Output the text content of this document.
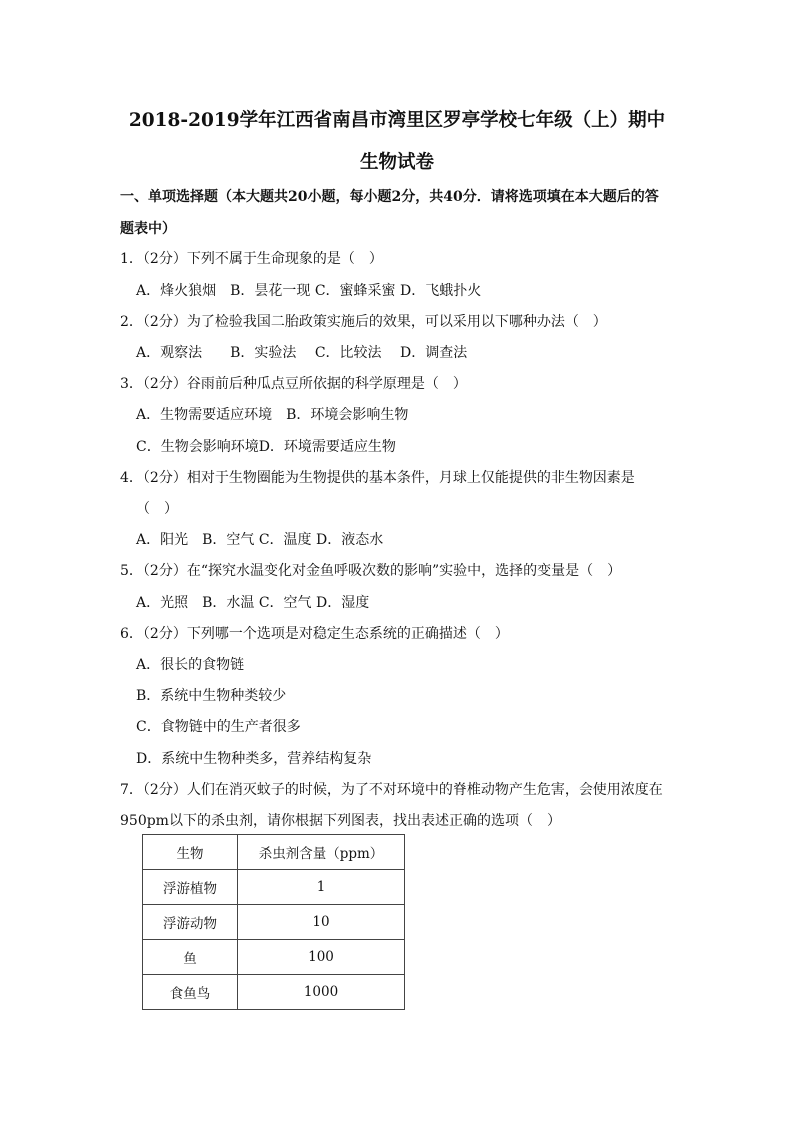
2018-2019学年江西省南昌市湾里区罗亭学校七年级（上）期中
生物试卷
一、单项选择题（本大题共20小题，每小题2分，共40分．请将选项填在本大题后的答
题表中）
1．（2分）下列不属于生命现象的是（　）
A．烽火狼烟　B．昙花一现 C．蜜蜂采蜜 D．飞蛾扑火
2．（2分）为了检验我国二胎政策实施后的效果，可以采用以下哪种办法（　）
A．观察法　　B．实验法　 C．比较法　 D．调查法
3．（2分）谷雨前后种瓜点豆所依据的科学原理是（　）
A．生物需要适应环境　B．环境会影响生物
C．生物会影响环境D．环境需要适应生物
4．（2分）相对于生物圈能为生物提供的基本条件，月球上仅能提供的非生物因素是
（　）
A．阳光　B．空气 C．温度 D．液态水
5．（2分）在“探究水温变化对金鱼呼吸次数的影响”实验中，选择的变量是（　）
A．光照　B．水温 C．空气 D．湿度
6．（2分）下列哪一个选项是对稳定生态系统的正确描述（　）
A．很长的食物链
B．系统中生物种类较少
C．食物链中的生产者很多
D．系统中生物种类多，营养结构复杂
7．（2分）人们在消灭蚊子的时候，为了不对环境中的脊椎动物产生危害，会使用浓度在
950pm以下的杀虫剂，请你根据下列图表，找出表述正确的选项（　）
生物	杀虫剂含量（ppm）
浮游植物	1
浮游动物	10
鱼	100
食鱼鸟	1000
